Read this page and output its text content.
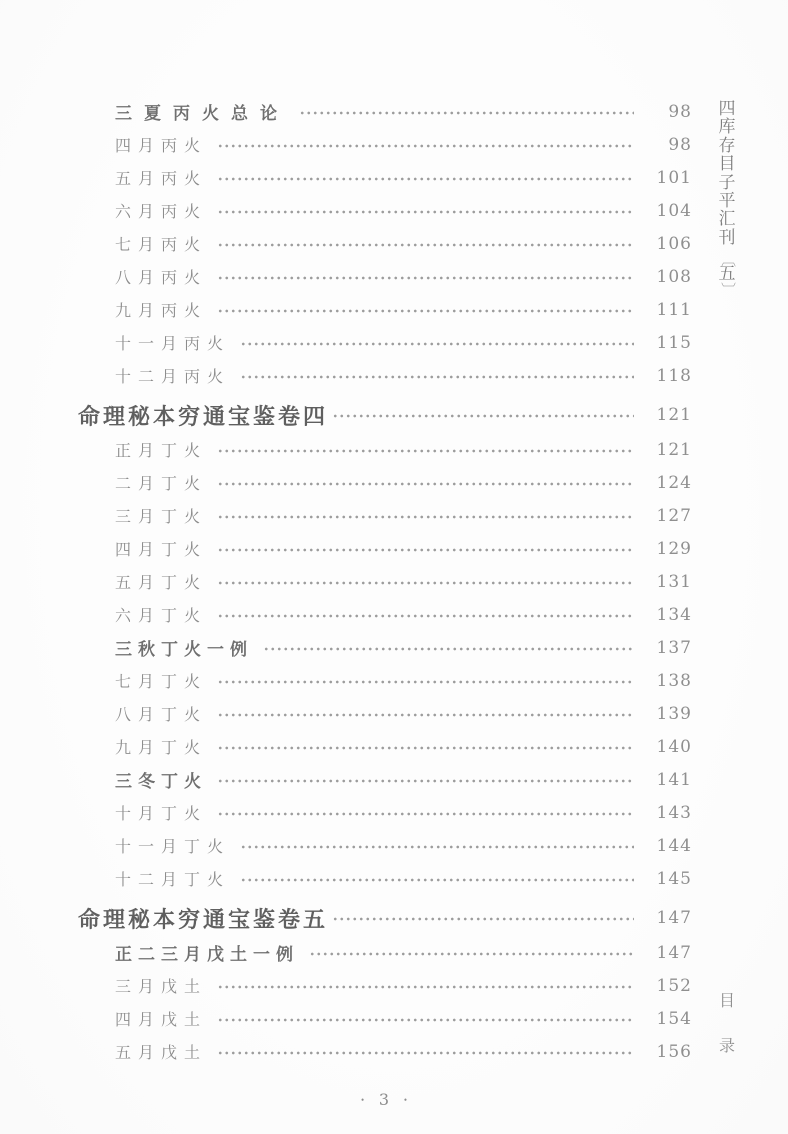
三夏丙火总论	98
四月丙火	98
五月丙火	101
六月丙火	104
七月丙火	106
八月丙火	108
九月丙火	111
十一月丙火	115
十二月丙火	118
命理秘本穷通宝鉴卷四	121
正月丁火	121
二月丁火	124
三月丁火	127
四月丁火	129
五月丁火	131
六月丁火	134
三秋丁火一例	137
七月丁火	138
八月丁火	139
九月丁火	140
三冬丁火	141
十月丁火	143
十一月丁火	144
十二月丁火	145
命理秘本穷通宝鉴卷五	147
正二三月戊土一例	147
三月戊土	152
四月戊土	154
五月戊土	156
四
库
存
目
子
平
汇
刊
〔
五
〕
目
录
• 3 •
